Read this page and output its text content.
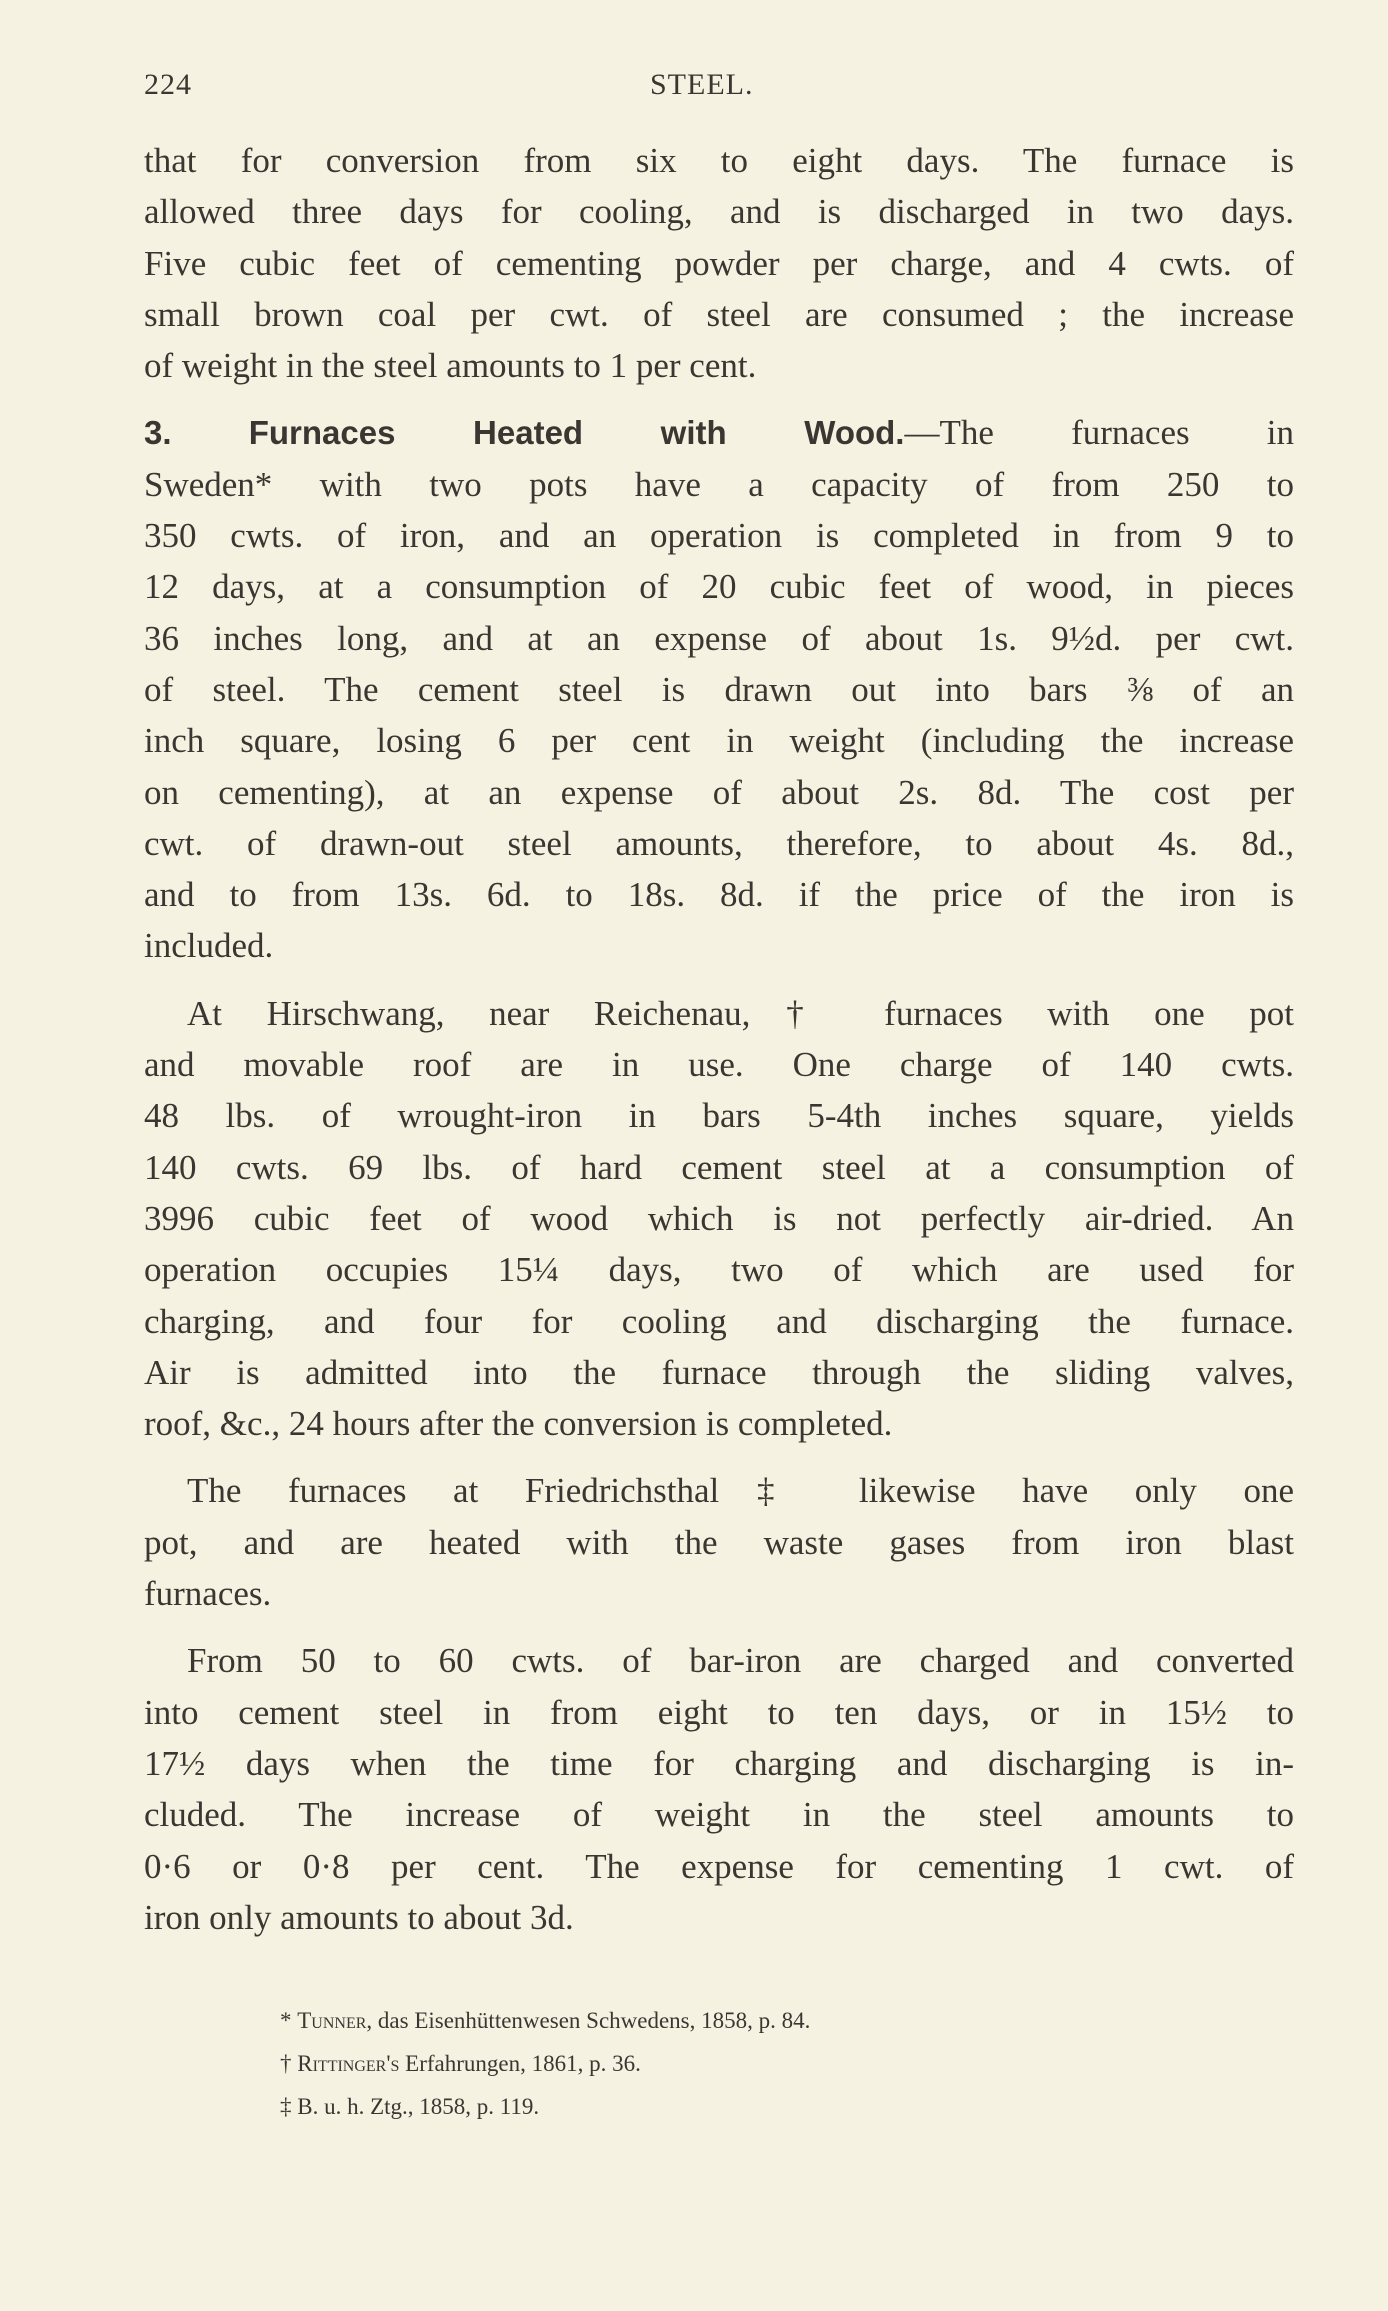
224	STEEL.
that for conversion from six to eight days. The furnace is
allowed three days for cooling, and is discharged in two days.
Five cubic feet of cementing powder per charge, and 4 cwts. of
small brown coal per cwt. of steel are consumed ; the increase
of weight in the steel amounts to 1 per cent.
3. Furnaces Heated with Wood.—The furnaces in
Sweden* with two pots have a capacity of from 250 to
350 cwts. of iron, and an operation is completed in from 9 to
12 days, at a consumption of 20 cubic feet of wood, in pieces
36 inches long, and at an expense of about 1s. 9½d. per cwt.
of steel. The cement steel is drawn out into bars ⅜ of an
inch square, losing 6 per cent in weight (including the increase
on cementing), at an expense of about 2s. 8d. The cost per
cwt. of drawn-out steel amounts, therefore, to about 4s. 8d.,
and to from 13s. 6d. to 18s. 8d. if the price of the iron is
included.
At Hirschwang, near Reichenau,† furnaces with one pot
and movable roof are in use. One charge of 140 cwts.
48 lbs. of wrought-iron in bars 5-4th inches square, yields
140 cwts. 69 lbs. of hard cement steel at a consumption of
3996 cubic feet of wood which is not perfectly air-dried. An
operation occupies 15¼ days, two of which are used for
charging, and four for cooling and discharging the furnace.
Air is admitted into the furnace through the sliding valves,
roof, &c., 24 hours after the conversion is completed.
The furnaces at Friedrichsthal‡ likewise have only one
pot, and are heated with the waste gases from iron blast
furnaces.
From 50 to 60 cwts. of bar-iron are charged and converted
into cement steel in from eight to ten days, or in 15½ to
17½ days when the time for charging and discharging is in-
cluded. The increase of weight in the steel amounts to
0·6 or 0·8 per cent. The expense for cementing 1 cwt. of
iron only amounts to about 3d.
* Tunner, das Eisenhüttenwesen Schwedens, 1858, p. 84.
† Rittinger's Erfahrungen, 1861, p. 36.
‡ B. u. h. Ztg., 1858, p. 119.
